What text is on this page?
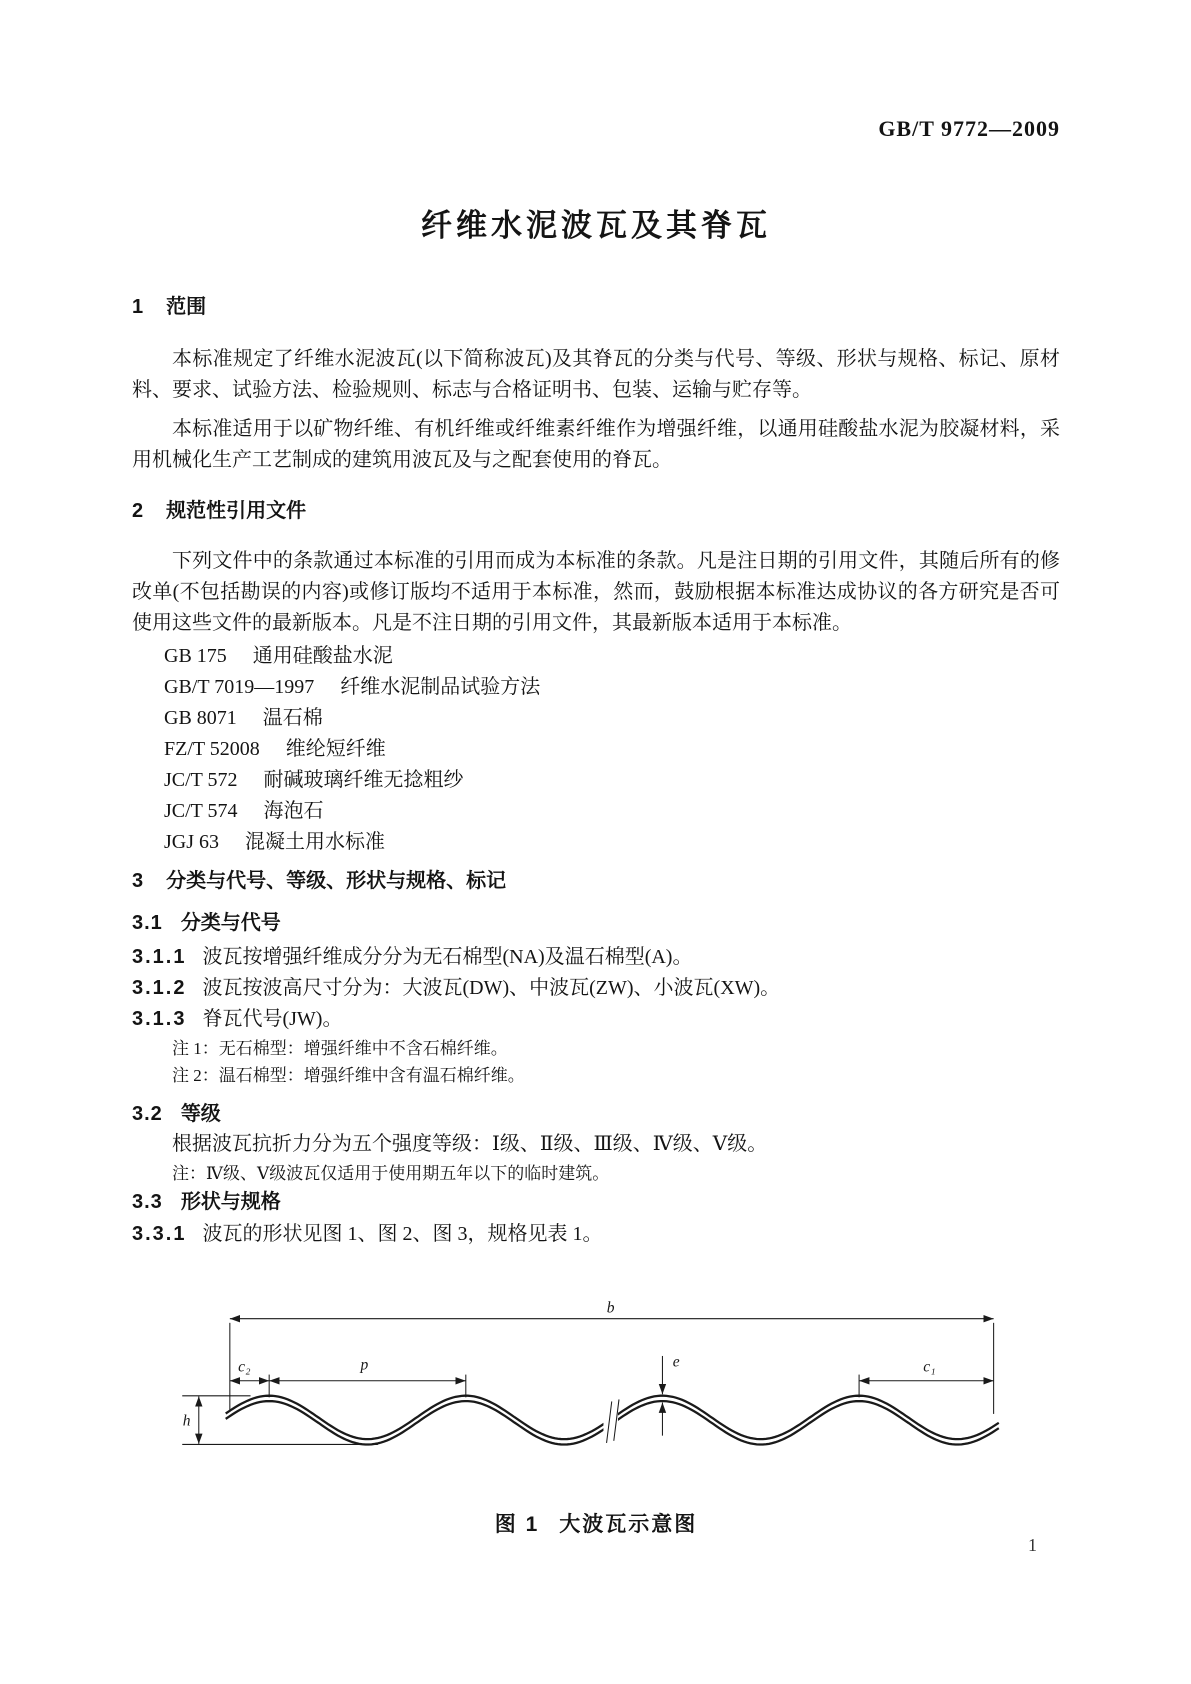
GB/T 9772—2009
纤维水泥波瓦及其脊瓦
1 范围

本标准规定了纤维水泥波瓦(以下简称波瓦)及其脊瓦的分类与代号、等级、形状与规格、标记、原材料、要求、试验方法、检验规则、标志与合格证明书、包装、运输与贮存等。

本标准适用于以矿物纤维、有机纤维或纤维素纤维作为增强纤维，以通用硅酸盐水泥为胶凝材料，采用机械化生产工艺制成的建筑用波瓦及与之配套使用的脊瓦。

2 规范性引用文件

下列文件中的条款通过本标准的引用而成为本标准的条款。凡是注日期的引用文件，其随后所有的修改单(不包括勘误的内容)或修订版均不适用于本标准，然而，鼓励根据本标准达成协议的各方研究是否可使用这些文件的最新版本。凡是不注日期的引用文件，其最新版本适用于本标准。

GB 175 通用硅酸盐水泥
GB/T 7019—1997 纤维水泥制品试验方法
GB 8071 温石棉
FZ/T 52008 维纶短纤维
JC/T 572 耐碱玻璃纤维无捻粗纱
JC/T 574 海泡石
JGJ 63 混凝土用水标准
3 分类与代号、等级、形状与规格、标记
3.1 分类与代号
3.1.1 波瓦按增强纤维成分分为无石棉型(NA)及温石棉型(A)。
3.1.2 波瓦按波高尺寸分为：大波瓦(DW)、中波瓦(ZW)、小波瓦(XW)。
3.1.3 脊瓦代号(JW)。
注 1：无石棉型：增强纤维中不含石棉纤维。
注 2：温石棉型：增强纤维中含有温石棉纤维。
3.2 等级

根据波瓦抗折力分为五个强度等级：Ⅰ级、Ⅱ级、Ⅲ级、Ⅳ级、Ⅴ级。

注：Ⅳ级、Ⅴ级波瓦仅适用于使用期五年以下的临时建筑。
3.3 形状与规格
3.3.1 波瓦的形状见图 1、图 2、图 3，规格见表 1。
b
c₂	p	e	c₁
h
图 1 大波瓦示意图
1
